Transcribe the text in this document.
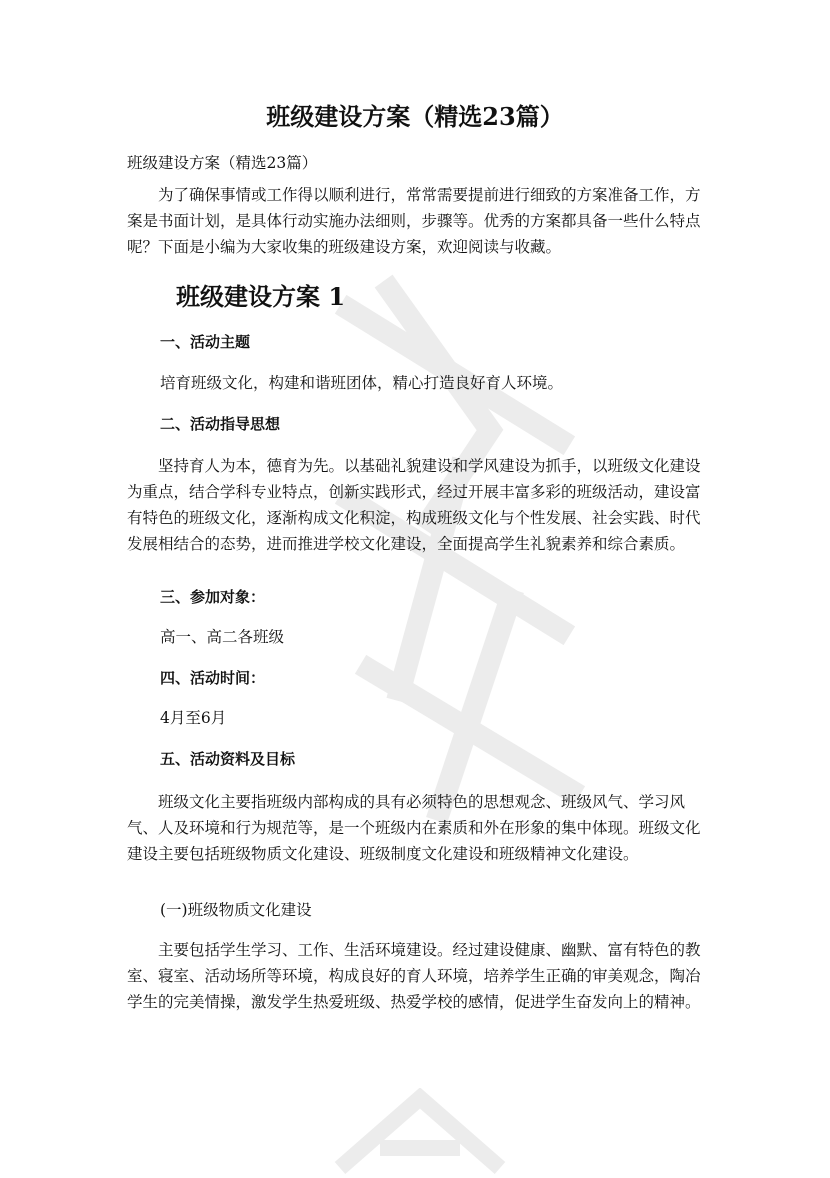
班级建设方案（精选23篇）

班级建设方案（精选23篇）

为了确保事情或工作得以顺利进行，常常需要提前进行细致的方案准备工作，方案是书面计划，是具体行动实施办法细则，步骤等。优秀的方案都具备一些什么特点呢？下面是小编为大家收集的班级建设方案，欢迎阅读与收藏。

班级建设方案 1
一、活动主题

培育班级文化，构建和谐班团体，精心打造良好育人环境。

二、活动指导思想

坚持育人为本，德育为先。以基础礼貌建设和学风建设为抓手，以班级文化建设为重点，结合学科专业特点，创新实践形式，经过开展丰富多彩的班级活动，建设富有特色的班级文化，逐渐构成文化积淀，构成班级文化与个性发展、社会实践、时代发展相结合的态势，进而推进学校文化建设，全面提高学生礼貌素养和综合素质。

三、参加对象：

高一、高二各班级

四、活动时间：

4月至6月

五、活动资料及目标

班级文化主要指班级内部构成的具有必须特色的思想观念、班级风气、学习风气、人及环境和行为规范等，是一个班级内在素质和外在形象的集中体现。班级文化建设主要包括班级物质文化建设、班级制度文化建设和班级精神文化建设。

(一)班级物质文化建设

主要包括学生学习、工作、生活环境建设。经过建设健康、幽默、富有特色的教室、寝室、活动场所等环境，构成良好的育人环境，培养学生正确的审美观念，陶冶学生的完美情操，激发学生热爱班级、热爱学校的感情，促进学生奋发向上的精神。
